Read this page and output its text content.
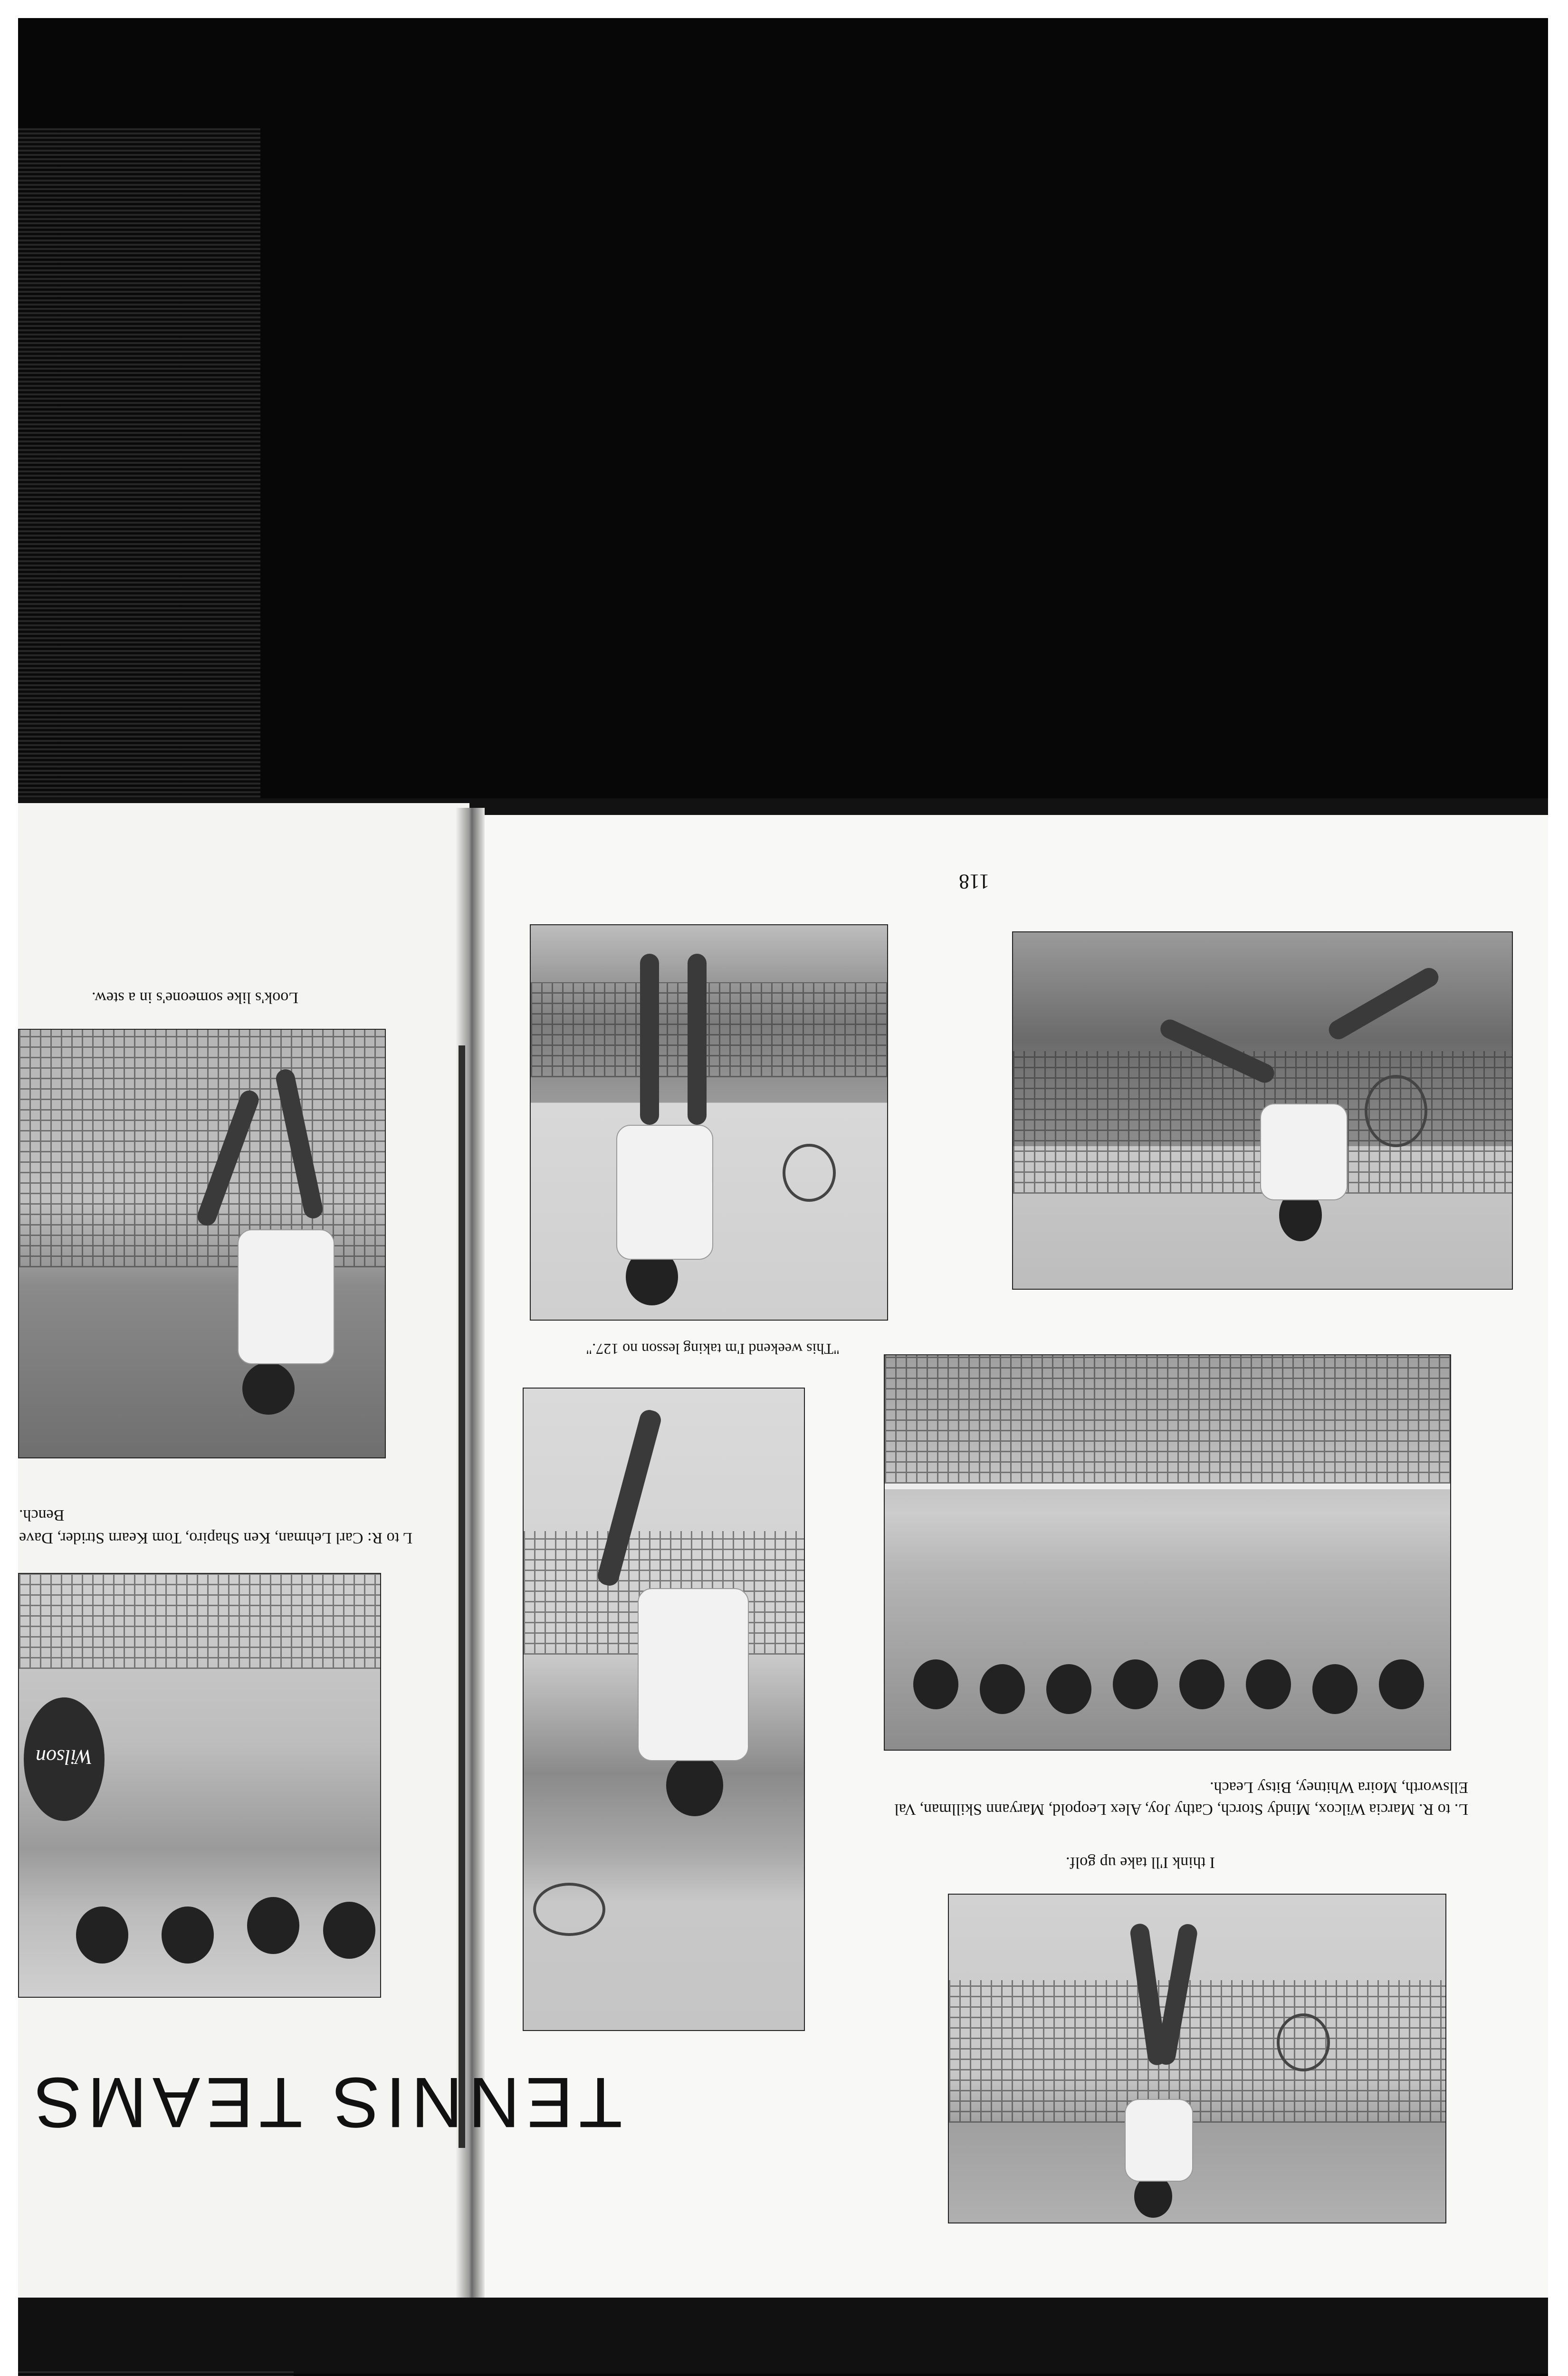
118
TENNIS TEAMS
I think I'll take up golf.
L. to R. Marcia Wilcox, Mindy Storch, Cathy Joy, Alex Leopold, Maryann Skillman, Val Ellsworth, Moira Whitney, Bitsy Leach.
"This weekend I'm taking lesson no 127."
Look's like someone's in a stew.
L to R: Carl Lehman, Ken Shapiro, Tom Kearn Strider, Dave Bench.
Wilson
